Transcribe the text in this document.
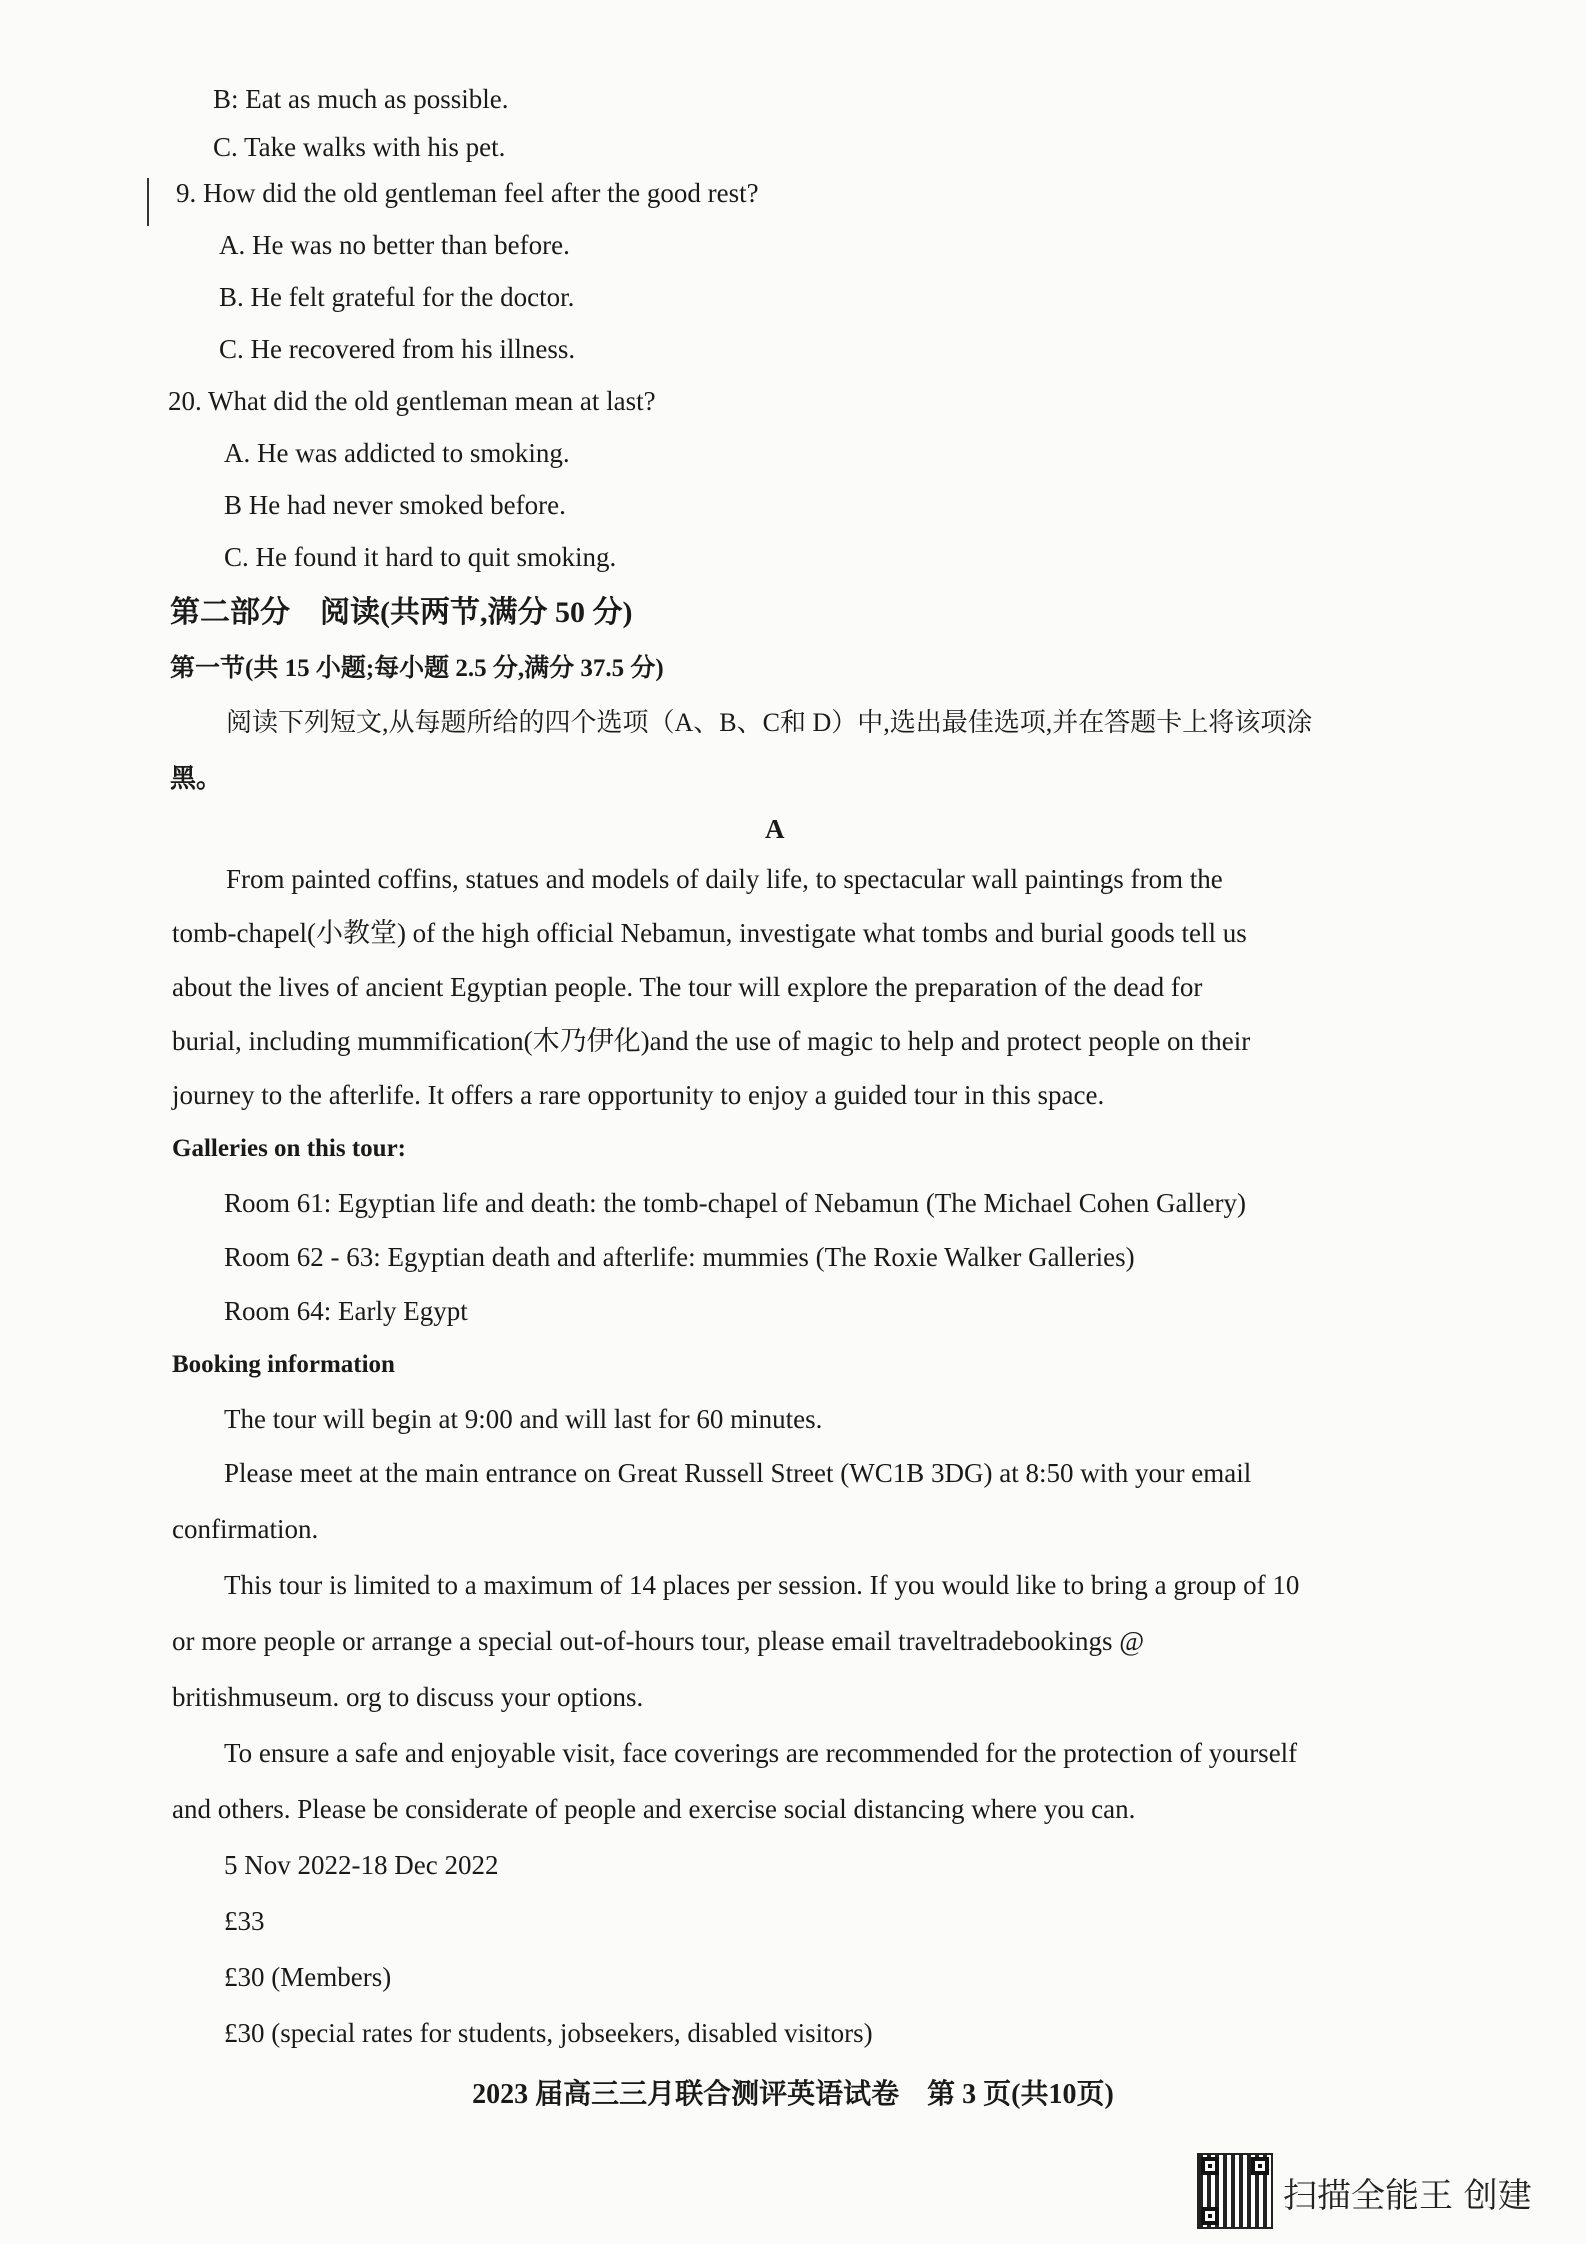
B: Eat as much as possible.
C. Take walks with his pet.
9. How did the old gentleman feel after the good rest?
A. He was no better than before.
B. He felt grateful for the doctor.
C. He recovered from his illness.
20. What did the old gentleman mean at last?
A. He was addicted to smoking.
B He had never smoked before.
C. He found it hard to quit smoking.
第二部分　阅读(共两节,满分 50 分)
第一节(共 15 小题;每小题 2.5 分,满分 37.5 分)
阅读下列短文,从每题所给的四个选项（A、B、C和 D）中,选出最佳选项,并在答题卡上将该项涂
黑。
A
From painted coffins, statues and models of daily life, to spectacular wall paintings from the
tomb-chapel(小教堂) of the high official Nebamun, investigate what tombs and burial goods tell us
about the lives of ancient Egyptian people. The tour will explore the preparation of the dead for
burial, including mummification(木乃伊化)and the use of magic to help and protect people on their
journey to the afterlife. It offers a rare opportunity to enjoy a guided tour in this space.
Galleries on this tour:
Room 61: Egyptian life and death: the tomb-chapel of Nebamun (The Michael Cohen Gallery)
Room 62 - 63: Egyptian death and afterlife: mummies (The Roxie Walker Galleries)
Room 64: Early Egypt
Booking information
The tour will begin at 9:00 and will last for 60 minutes.
Please meet at the main entrance on Great Russell Street (WC1B 3DG) at 8:50 with your email
confirmation.
This tour is limited to a maximum of 14 places per session. If you would like to bring a group of 10
or more people or arrange a special out-of-hours tour, please email traveltradebookings @
britishmuseum. org to discuss your options.
To ensure a safe and enjoyable visit, face coverings are recommended for the protection of yourself
and others. Please be considerate of people and exercise social distancing where you can.
5 Nov 2022-18 Dec 2022
£33
£30 (Members)
£30 (special rates for students, jobseekers, disabled visitors)
2023 届高三三月联合测评英语试卷　第 3 页(共10页)
扫描全能王 创建
